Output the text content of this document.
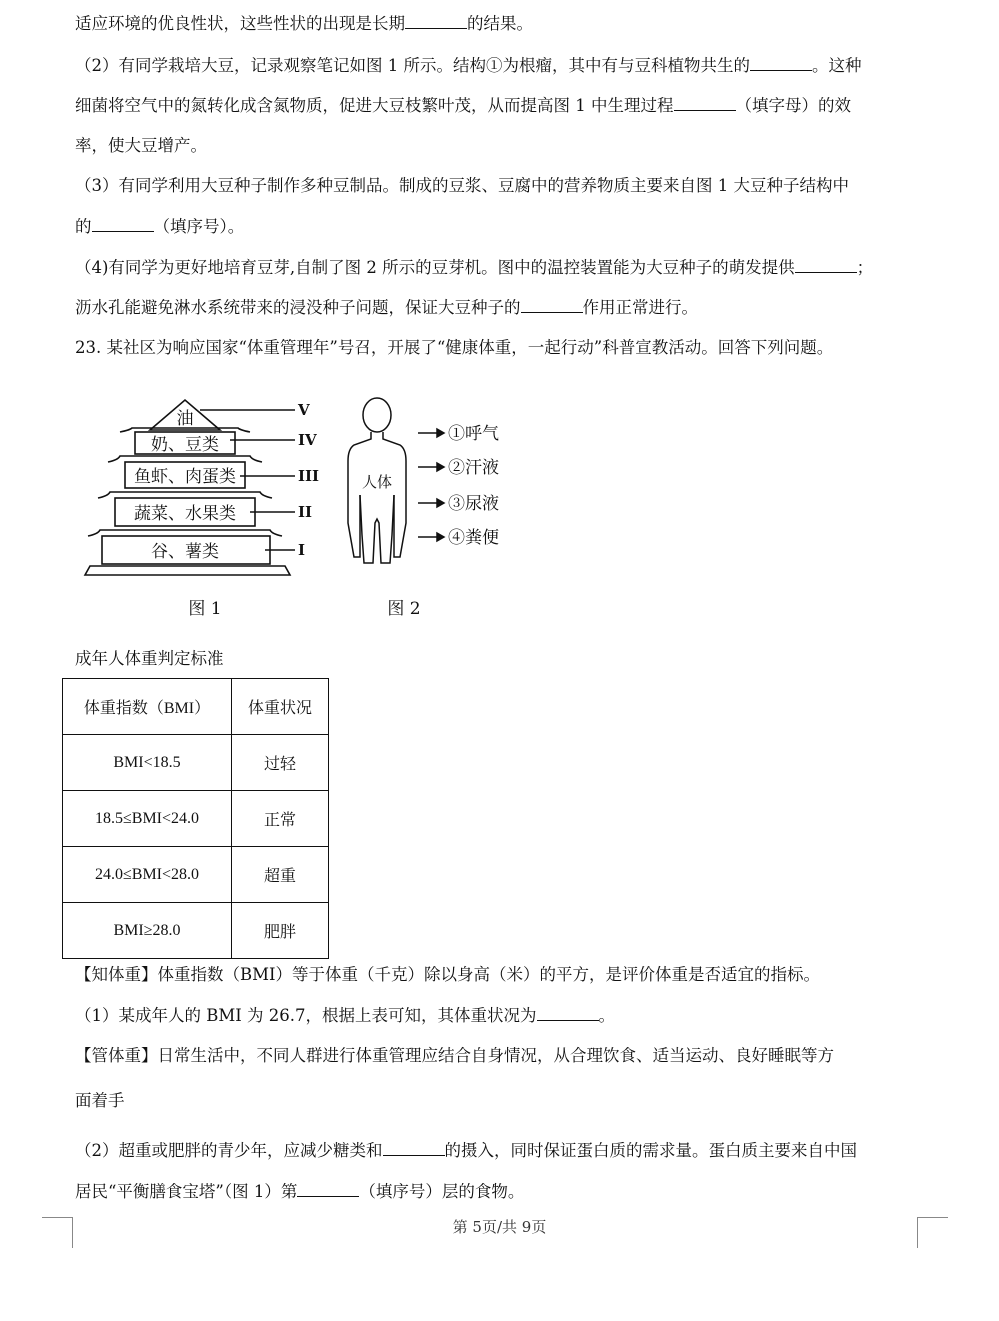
适应环境的优良性状，这些性状的出现是长期	的结果。
（2）有同学栽培大豆，记录观察笔记如图 1 所示。结构①为根瘤，其中有与豆科植物共生的	。这种
细菌将空气中的氮转化成含氮物质，促进大豆枝繁叶茂，从而提高图 1 中生理过程	（填字母）的效
率，使大豆增产。
（3）有同学利用大豆种子制作多种豆制品。制成的豆浆、豆腐中的营养物质主要来自图 1 大豆种子结构中
的	（填序号）。
（4)有同学为更好地培育豆芽,自制了图 2 所示的豆芽机。图中的温控装置能为大豆种子的萌发提供	；
沥水孔能避免淋水系统带来的浸没种子问题，保证大豆种子的	作用正常进行。
23. 某社区为响应国家“体重管理年”号召，开展了“健康体重，一起行动”科普宣教活动。回答下列问题。
油
奶、豆类
鱼虾、肉蛋类
蔬菜、水果类
谷、薯类
V
IV
III
II
I
图 1
人体
①呼气
②汗液
③尿液
④粪便
图 2
成年人体重判定标准
体重指数（BMI）	体重状况
BMI<18.5	过轻
18.5≤BMI<24.0	正常
24.0≤BMI<28.0	超重
BMI≥28.0	肥胖
【知体重】体重指数（BMI）等于体重（千克）除以身高（米）的平方，是评价体重是否适宜的指标。
（1）某成年人的 BMI 为 26.7，根据上表可知，其体重状况为	。
【管体重】日常生活中，不同人群进行体重管理应结合自身情况，从合理饮食、适当运动、良好睡眠等方
面着手
（2）超重或肥胖的青少年，应减少糖类和	的摄入，同时保证蛋白质的需求量。蛋白质主要来自中国
居民“平衡膳食宝塔”（图 1）第	（填序号）层的食物。
第 5页/共 9页
